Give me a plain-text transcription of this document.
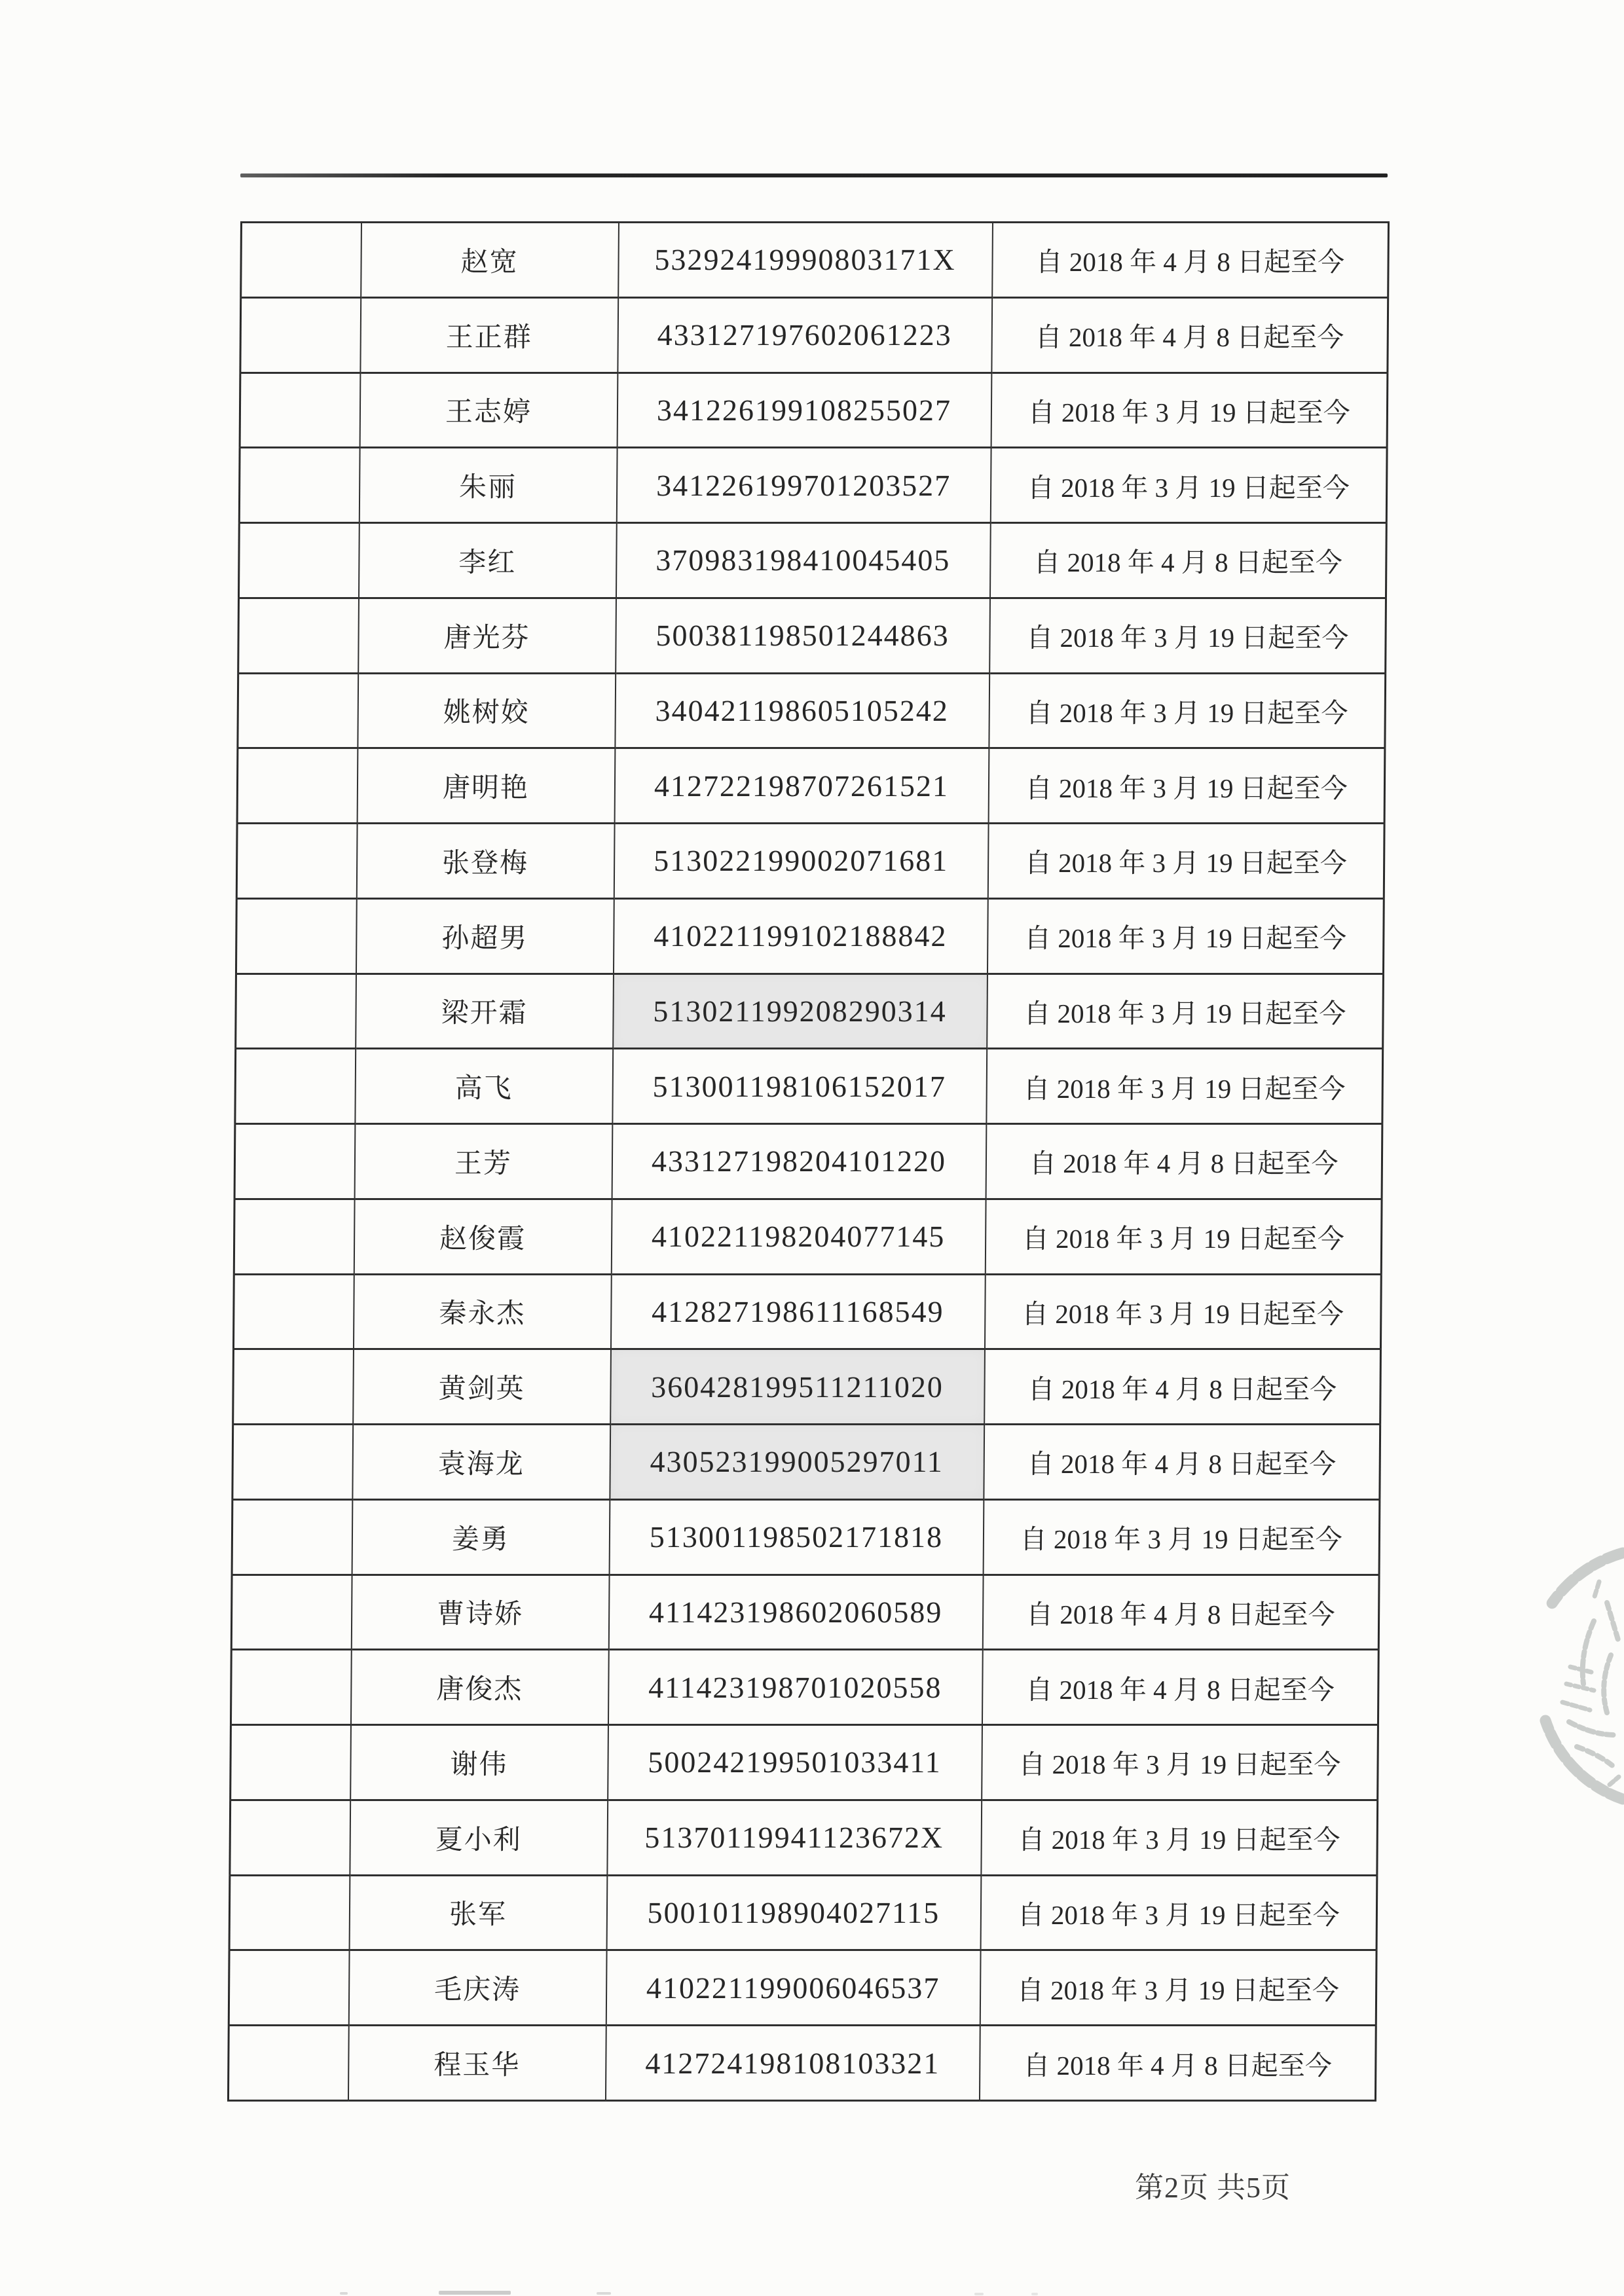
	赵宽	53292419990803171X	自 2018 年 4 月 8 日起至今
	王正群	433127197602061223	自 2018 年 4 月 8 日起至今
	王志婷	341226199108255027	自 2018 年 3 月 19 日起至今
	朱丽	341226199701203527	自 2018 年 3 月 19 日起至今
	李红	370983198410045405	自 2018 年 4 月 8 日起至今
	唐光芬	500381198501244863	自 2018 年 3 月 19 日起至今
	姚树姣	340421198605105242	自 2018 年 3 月 19 日起至今
	唐明艳	412722198707261521	自 2018 年 3 月 19 日起至今
	张登梅	513022199002071681	自 2018 年 3 月 19 日起至今
	孙超男	410221199102188842	自 2018 年 3 月 19 日起至今
	梁开霜	513021199208290314	自 2018 年 3 月 19 日起至今
	高飞	513001198106152017	自 2018 年 3 月 19 日起至今
	王芳	433127198204101220	自 2018 年 4 月 8 日起至今
	赵俊霞	410221198204077145	自 2018 年 3 月 19 日起至今
	秦永杰	412827198611168549	自 2018 年 3 月 19 日起至今
	黄剑英	360428199511211020	自 2018 年 4 月 8 日起至今
	袁海龙	430523199005297011	自 2018 年 4 月 8 日起至今
	姜勇	513001198502171818	自 2018 年 3 月 19 日起至今
	曹诗娇	411423198602060589	自 2018 年 4 月 8 日起至今
	唐俊杰	411423198701020558	自 2018 年 4 月 8 日起至今
	谢伟	500242199501033411	自 2018 年 3 月 19 日起至今
	夏小利	51370119941123672X	自 2018 年 3 月 19 日起至今
	张军	500101198904027115	自 2018 年 3 月 19 日起至今
	毛庆涛	410221199006046537	自 2018 年 3 月 19 日起至今
	程玉华	412724198108103321	自 2018 年 4 月 8 日起至今
第2页 共5页
